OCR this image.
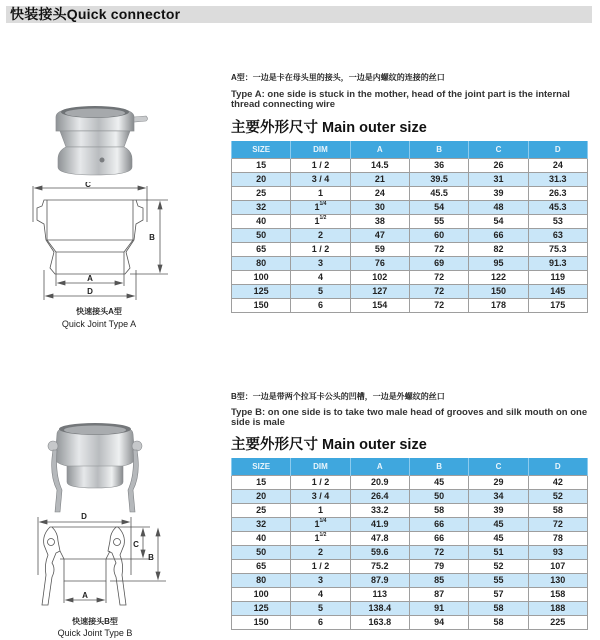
快装接头Quick connector
C
B
A
D
快速接头A型
Quick Joint Type A
A型：一边是卡在母头里的接头，一边是内螺纹的连接的丝口
Type A: one side is stuck in the mother, head of the joint part is the internal thread connecting wire
主要外形尺寸 Main outer size
SIZE	DIM	A	B	C	D
15	1 / 2	14.5	36	26	24
20	3 / 4	21	39.5	31	31.3
25	1	24	45.5	39	26.3
32	$1^{1/4}$	30	54	48	45.3
40	$1^{1/2}$	38	55	54	53
50	2	47	60	66	63
65	1 / 2	59	72	82	75.3
80	3	76	69	95	91.3
100	4	102	72	122	119
125	5	127	72	150	145
150	6	154	72	178	175
D
C
B
A
快速接头B型
Quick Joint Type B
B型：一边是带两个拉耳卡公头的凹槽，一边是外螺纹的丝口
Type B: on one side is to take two male head of grooves and silk mouth on one side is male
主要外形尺寸 Main outer size
SIZE	DIM	A	B	C	D
15	1 / 2	20.9	45	29	42
20	3 / 4	26.4	50	34	52
25	1	33.2	58	39	58
32	$1^{1/4}$	41.9	66	45	72
40	$1^{1/2}$	47.8	66	45	78
50	2	59.6	72	51	93
65	1 / 2	75.2	79	52	107
80	3	87.9	85	55	130
100	4	113	87	57	158
125	5	138.4	91	58	188
150	6	163.8	94	58	225
